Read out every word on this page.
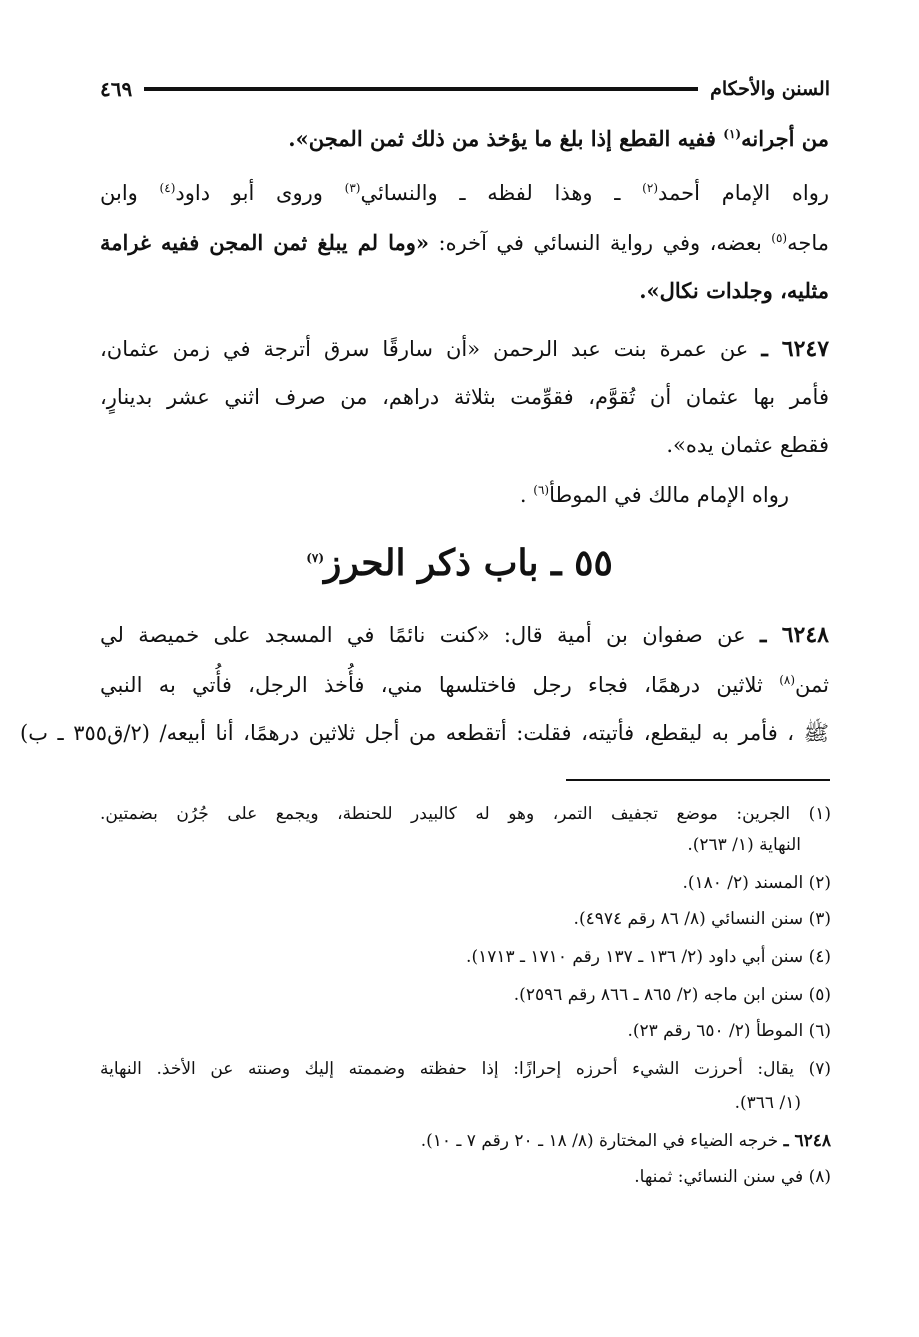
السنن والأحكام
٤٦٩
من أجرانه$^{(١)}$ ففيه القطع إذا بلغ ما يؤخذ من ذلك ثمن المجن».
رواه الإمام أحمد$^{(٢)}$ ـ وهذا لفظه ـ والنسائي$^{(٣)}$ وروى أبو داود$^{(٤)}$ وابن
ماجه$^{(٥)}$ بعضه، وفي رواية النسائي في آخره: «وما لم يبلغ ثمن المجن ففيه غرامة
مثليه، وجلدات نكال».
٦٢٤٧ ـ عن عمرة بنت عبد الرحمن «أن سارقًا سرق أترجة في زمن عثمان،
فأمر بها عثمان أن تُقوَّم، فقوِّمت بثلاثة دراهم، من صرف اثني عشر بدينارٍ،
فقطع عثمان يده».
رواه الإمام مالك في الموطأ$^{(٦)}$ .
٥٥ ـ باب ذكر الحرز$^{(٧)}$
٦٢٤٨ ـ عن صفوان بن أمية قال: «كنت نائمًا في المسجد على خميصة لي
ثمن$^{(٨)}$ ثلاثين درهمًا، فجاء رجل فاختلسها مني، فأُخذ الرجل، فأُتي به النبي
ﷺ ، فأمر به ليقطع، فأتيته، فقلت: أتقطعه من أجل ثلاثين درهمًا، أنا أبيعه/ (٢/ق٣٥٥ ـ ب)
(١) الجرين: موضع تجفيف التمر، وهو له كالبيدر للحنطة، ويجمع على جُرُن بضمتين.
النهاية (١/ ٢٦٣).
(٢) المسند (٢/ ١٨٠).
(٣) سنن النسائي (٨/ ٨٦ رقم ٤٩٧٤).
(٤) سنن أبي داود (٢/ ١٣٦ ـ ١٣٧ رقم ١٧١٠ ـ ١٧١٣).
(٥) سنن ابن ماجه (٢/ ٨٦٥ ـ ٨٦٦ رقم ٢٥٩٦).
(٦) الموطأ (٢/ ٦٥٠ رقم ٢٣).
(٧) يقال: أحرزت الشيء أحرزه إحرازًا: إذا حفظته وضممته إليك وصنته عن الأخذ. النهاية
(١/ ٣٦٦).
٦٢٤٨ ـ خرجه الضياء في المختارة (٨/ ١٨ ـ ٢٠ رقم ٧ ـ ١٠).
(٨) في سنن النسائي: ثمنها.
